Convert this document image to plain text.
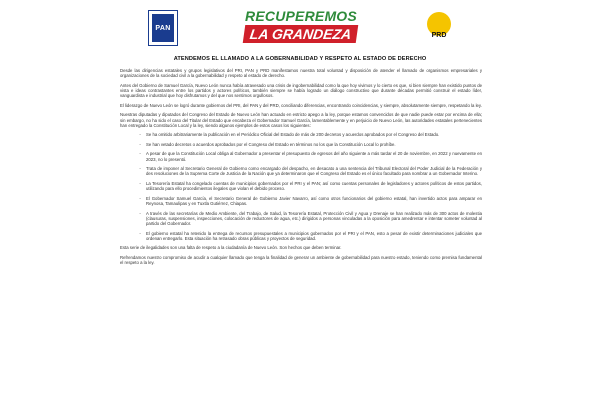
PAN
RECUPEREMOS
LA GRANDEZA	PRD
ATENDEMOS EL LLAMADO A LA GOBERNABILIDAD Y RESPETO AL ESTADO DE DERECHO

Desde las dirigencias estatales y grupos legislativos del PRI, PAN y PRD manifestamos nuestra total voluntad y disposición de atender el llamado de organismos empresariales y organizaciones de la sociedad civil a la gobernabilidad y respeto al estado de derecho.

Antes del Gobierno de Samuel García, Nuevo León nunca había atravesado una crisis de ingobernabilidad como la que hoy vivimos y lo cierto es que, si bien siempre han existido puntos de vista e ideas contrastantes entre los partidos y actores políticos, también siempre se había logrado un diálogo constructivo que durante décadas permitió construir el estado líder, vanguardista e industrial que hoy disfrutamos y del que nos sentimos orgullosos.

El liderazgo de Nuevo León se logró durante gobiernos del PRI, del PAN y del PRD, conciliando diferencias, encontrando coincidencias, y siempre, absolutamente siempre, respetando la ley.

Nuestras diputadas y diputados del Congreso del Estado de Nuevo León han actuado en estricto apego a la ley, porque estamos convencidos de que nadie puede estar por encima de ella; sin embargo, no ha sido el caso del Titular del Estado que encabeza el Gobernador Samuel García, lamentablemente y en perjuicio de Nuevo León, las autoridades estatales pertenecientes han entregado la Constitución Local y la ley, siendo algunos ejemplos de estos casos los siguientes:

• Se ha omitido arbitrariamente la publicación en el Periódico Oficial del Estado de más de 200 decretos y acuerdos aprobados por el Congreso del Estado.
• Se han vetado decretos o acuerdos aprobados por el Congreso del Estado en términos no los que la Constitución Local lo prohíbe.
• A pesar de que la Constitución Local obliga al Gobernador a presentar el presupuesto de egresos del año siguiente a más tardar el 20 de noviembre, en 2022 y nuevamente en 2023, no lo presentó.
• Trata de imponer al Secretario General de Gobierno como encargado del despacho, en desacato a una sentencia del Tribunal Electoral del Poder Judicial de la Federación y des resoluciones de la Suprema Corte de Justicia de la Nación que ya determinaron que el Congreso del Estado es el único facultado para nombrar a un Gobernador Interino.
• La Tesorería Estatal ha congelado cuentas de municipios gobernados por el PRI y el PAN; así como cuentas personales de legisladores y actores políticos de estos partidos, utilizando para ello procedimientos ilegales que violan el debido proceso.
• El Gobernador Samuel García, el Secretario General de Gobierno Javier Navarro, así como otros funcionarios del gobierno estatal, han invertido actos para amparar en Reynosa, Tamaulipas y en Tuxtla Gutiérrez, Chiapas.
• A través de las secretarías de Medio Ambiente, del Trabajo, de Salud, la Tesorería Estatal, Protección Civil y Agua y Drenaje se han realizado más de 300 actos de molestia (clausuras, suspensiones, inspecciones, colocación de reductores de agua, etc.) dirigidos a personas vinculadas a la oposición para amedrentar e intentar someter voluntad al partido del Gobernador.
• El gobierno estatal ha retenido la entrega de recursos presupuestales a municipios gobernados por el PRI y el PAN, esto a pesar de existir determinaciones judiciales que ordenan entregarlo. Esta situación ha retrasado obras públicas y proyectos de seguridad.

Esta serie de ilegalidades son una falta de respeto a la ciudadanía de Nuevo León. Son hechos que deben terminar.

Refrendamos nuestro compromiso de acudir a cualquier llamado que tenga la finalidad de generar un ambiente de gobernabilidad para nuestro estado, teniendo como premisa fundamental el respeto a la ley.
